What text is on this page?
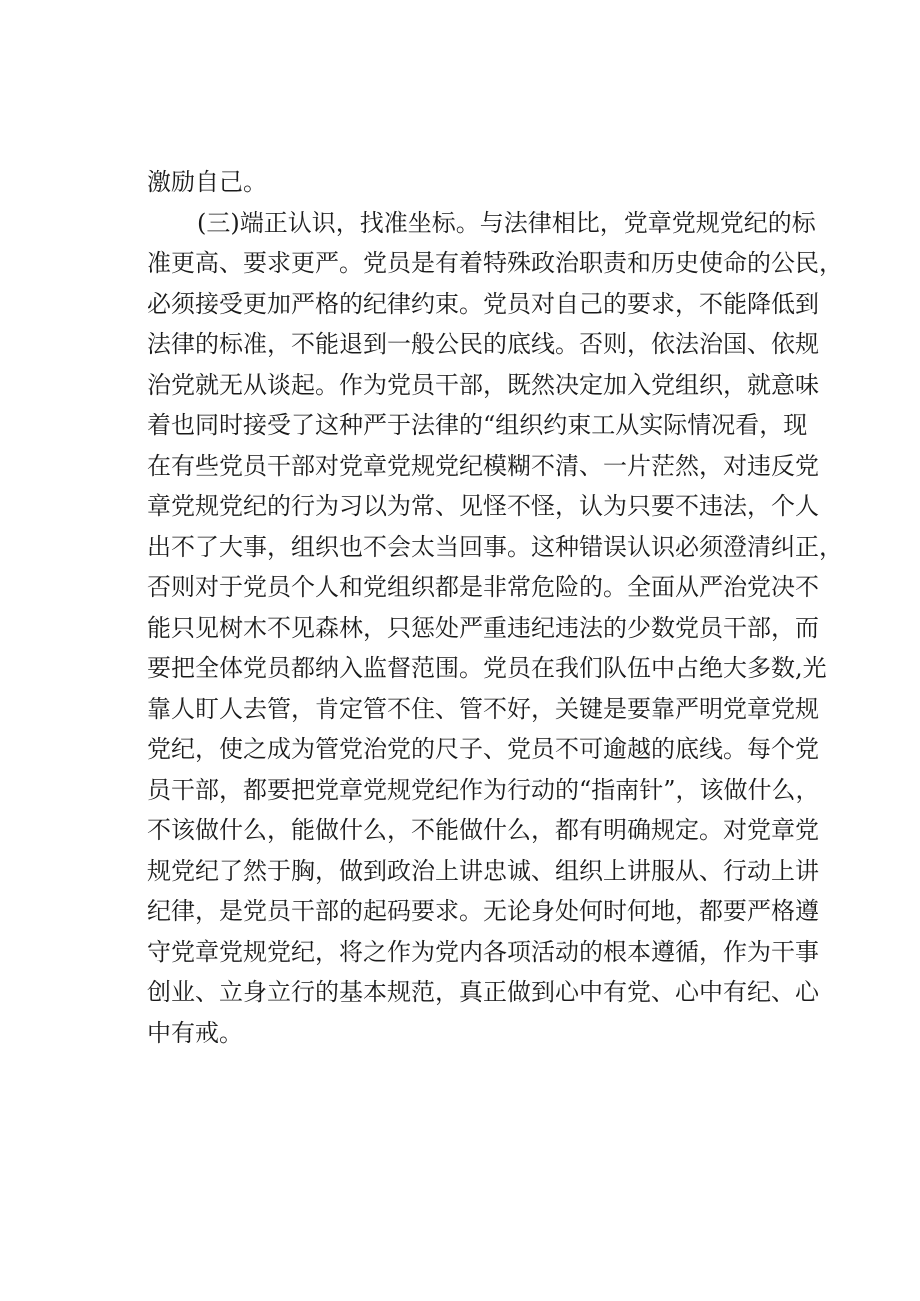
激励自己。
(三)端正认识，找准坐标。与法律相比，党章党规党纪的标
准更高、要求更严。党员是有着特殊政治职责和历史使命的公民，
必须接受更加严格的纪律约束。党员对自己的要求，不能降低到
法律的标准，不能退到一般公民的底线。否则，依法治国、依规
治党就无从谈起。作为党员干部，既然决定加入党组织，就意味
着也同时接受了这种严于法律的“组织约束工从实际情况看，现
在有些党员干部对党章党规党纪模糊不清、一片茫然，对违反党
章党规党纪的行为习以为常、见怪不怪，认为只要不违法，个人
出不了大事，组织也不会太当回事。这种错误认识必须澄清纠正，
否则对于党员个人和党组织都是非常危险的。全面从严治党决不
能只见树木不见森林，只惩处严重违纪违法的少数党员干部，而
要把全体党员都纳入监督范围。党员在我们队伍中占绝大多数,光
靠人盯人去管，肯定管不住、管不好，关键是要靠严明党章党规
党纪，使之成为管党治党的尺子、党员不可逾越的底线。每个党
员干部，都要把党章党规党纪作为行动的“指南针”，该做什么，
不该做什么，能做什么，不能做什么，都有明确规定。对党章党
规党纪了然于胸，做到政治上讲忠诚、组织上讲服从、行动上讲
纪律，是党员干部的起码要求。无论身处何时何地，都要严格遵
守党章党规党纪，将之作为党内各项活动的根本遵循，作为干事
创业、立身立行的基本规范，真正做到心中有党、心中有纪、心
中有戒。
